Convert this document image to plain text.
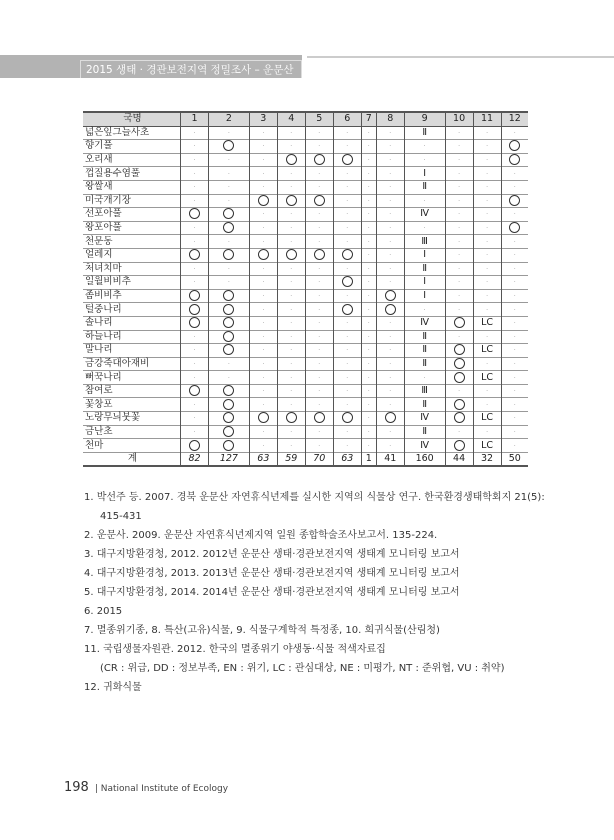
2015 생태 · 경관보전지역 정밀조사 – 운문산
국명	1	2	3	4	5	6	7	8	9	10	11	12
넓은잎그늘사초	·	·	·	·	·	·	·	·	Ⅱ	·	·	·
향기풀	·		·	·	·	·	·	·	·	·	·	
오리새	·	·	·				·	·	·	·	·	
껍질용수염풀	·	·	·	·	·	·	·	·	Ⅰ	·	·	·
왕쌀새	·	·	·	·	·	·	·	·	Ⅱ	·	·	·
미국개기장	·	·				·	·	·	·	·	·	
선포아풀			·	·	·	·	·	·	Ⅳ	·	·	·
왕포아풀	·		·	·	·	·	·	·	·	·	·	
천문동	·	·	·	·	·	·	·	·	Ⅲ	·	·	·
얼레지							·	·	Ⅰ	·	·	·
처녀치마	·	·	·	·	·	·	·	·	Ⅱ	·	·	·
일월비비추	·	·	·	·	·		·	·	Ⅰ	·	·	·
좀비비추			·	·	·	·	·		Ⅰ	·	·	·
털중나리			·	·	·		·		·	·	·	·
솔나리			·	·	·	·	·	·	Ⅳ		LC	·
하늘나리	·		·	·	·	·	·	·	Ⅱ	·	·	·
말나리	·		·	·	·	·	·	·	Ⅱ		LC	·
금강죽대아재비	·	·	·	·	·	·	·	·	Ⅱ		·	·
뻐꾹나리	·	·	·	·	·	·	·	·	·		LC	·
참여로			·	·	·	·	·	·	Ⅲ	·	·	·
꽃창포	·		·	·	·	·	·	·	Ⅱ		·	·
노랑무늬붓꽃	·						·		Ⅳ		LC	·
금난초	·		·	·	·	·	·	·	Ⅱ	·	·	·
천마			·	·	·	·	·	·	Ⅳ		LC	·
계	82	127	63	59	70	63	1	41	160	44	32	50
1. 박선주 등. 2007. 경북 운문산 자연휴식년제를 실시한 지역의 식물상 연구. 한국환경생태학회지 21(5):
415-431
2. 운문사. 2009. 운문산 자연휴식년제지역 일원 종합학술조사보고서. 135-224.
3. 대구지방환경청, 2012. 2012년 운문산 생태·경관보전지역 생태계 모니터링 보고서
4. 대구지방환경청, 2013. 2013년 운문산 생태·경관보전지역 생태계 모니터링 보고서
5. 대구지방환경청, 2014. 2014년 운문산 생태·경관보전지역 생태계 모니터링 보고서
6. 2015
7. 멸종위기종, 8. 특산(고유)식물, 9. 식물구계학적 특정종, 10. 희귀식물(산림청)
11. 국립생물자원관. 2012. 한국의 멸종위기 야생동·식물 적색자료집
(CR : 위급, DD : 정보부족, EN : 위기, LC : 관심대상, NE : 미평가, NT : 준위협, VU : 취약)
12. 귀화식물
198 | National Institute of Ecology
